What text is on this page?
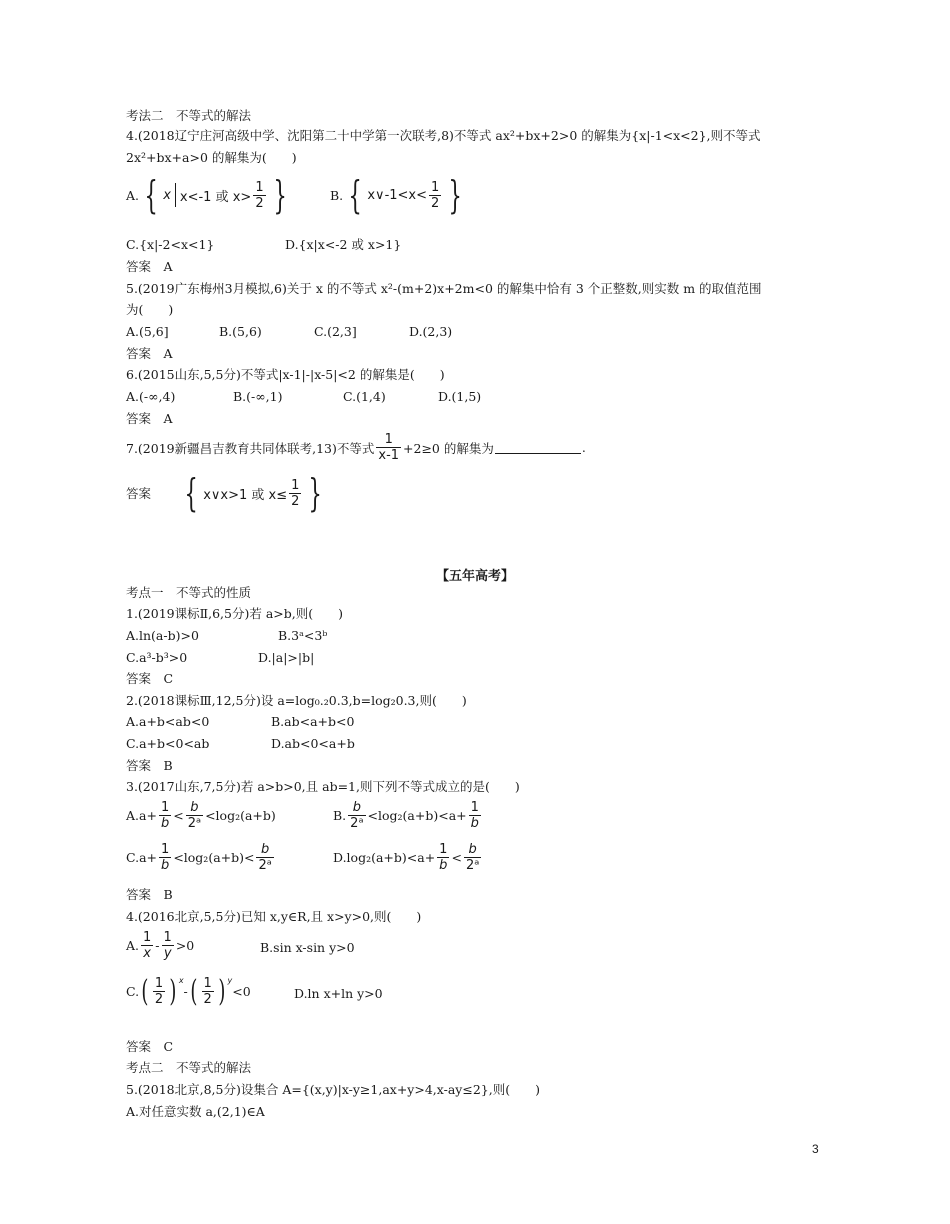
考法二　不等式的解法
4.(2018辽宁庄河高级中学、沈阳第二十中学第一次联考,8)不等式 ax²+bx+2>0 的解集为{x|-1<x<2},则不等式
2x²+bx+a>0 的解集为(　　)
A. { x x<-1 或 $x> \frac{1}{2}$ }	B. { x∨-1<x< $\frac{1}{2}$ }
C.{x|-2<x<1}	D.{x|x<-2 或 x>1}
答案　A
5.(2019广东梅州3月模拟,6)关于 x 的不等式 x²-(m+2)x+2m<0 的解集中恰有 3 个正整数,则实数 m 的取值范围
为(　　)
A.(5,6]	B.(5,6)	C.(2,3]	D.(2,3)
答案　A
6.(2015山东,5,5分)不等式|x-1|-|x-5|<2 的解集是(　　)
A.(-∞,4)	B.(-∞,1)	C.(1,4)	D.(1,5)
答案　A
7.(2019新疆昌吉教育共同体联考,13)不等式 $\frac{1}{x-1} +2\ge 0$ 的解集为	.
答案 { x∨x>1 或 $x\le \frac{1}{2}$ }
【五年高考】
考点一　不等式的性质
1.(2019课标Ⅱ,6,5分)若 a>b,则(　　)
A.ln(a-b)>0	B.3ᵃ<3ᵇ
C.a³-b³>0	D.|a|>|b|
答案　C
2.(2018课标Ⅲ,12,5分)设 a=log₀.₂0.3,b=log₂0.3,则(　　)
A.a+b<ab<0	B.ab<a+b<0
C.a+b<0<ab	D.ab<0<a+b
答案　B
3.(2017山东,7,5分)若 a>b>0,且 ab=1,则下列不等式成立的是(　　)
$A.a+ \frac{1}{b} < \frac{b}{\text{2ᵃ}} <\log_2(a+b)$	B. $\frac{b}{\text{2ᵃ}} <\log_2(a+b)<a+ \frac{1}{b}$
$C.a+ \frac{1}{b} <\log_2(a+b)< \frac{b}{\text{2ᵃ}}$	$D.\log_2(a+b)<a+ \frac{1}{b} < \frac{b}{\text{2ᵃ}}$
答案　B
4.(2016北京,5,5分)已知 x,y∈R,且 x>y>0,则(　　)
A. $\frac{1}{x} - \frac{1}{y} >0$	B.sin x-sin y>0
C. ( $\frac{1}{2}$ ) $^x$
- ( $\frac{1}{2}$ ) $^y$
<0	D.ln x+ln y>0
答案　C
考点二　不等式的解法
5.(2018北京,8,5分)设集合 A={(x,y)|x-y≥1,ax+y>4,x-ay≤2},则(　　)
A.对任意实数 a,(2,1)∈A
3
